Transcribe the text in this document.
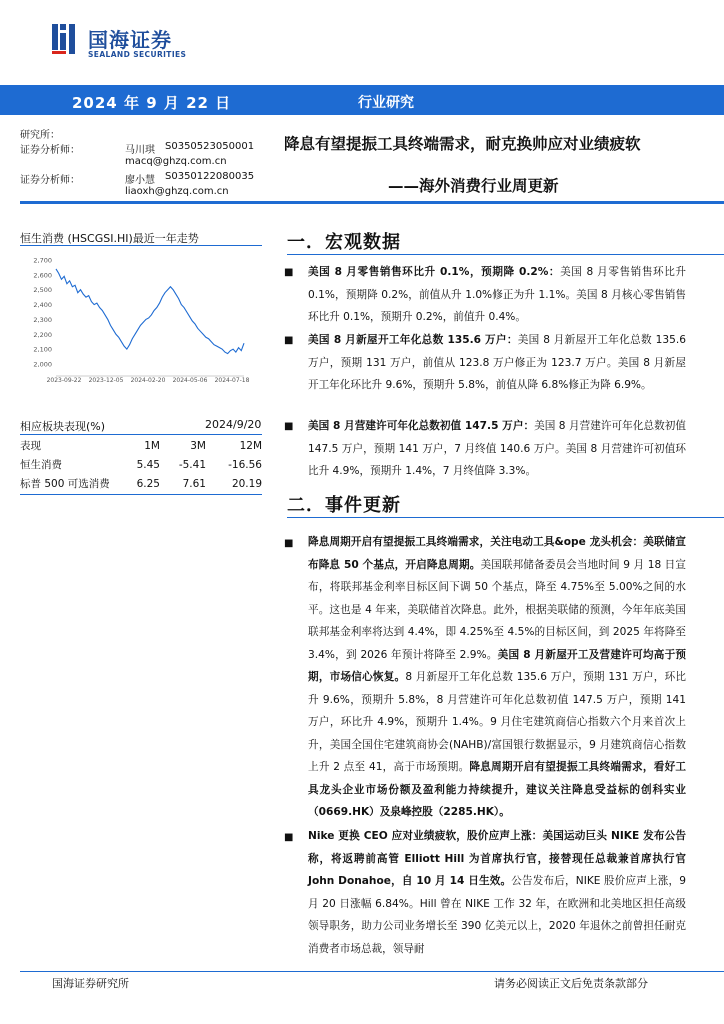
国海证券
SEALAND SECURITIES
2024 年 9 月 22 日	行业研究
研究所：
证券分析师：	马川琪 S0350523050001
macq@ghzq.com.cn
证券分析师：	廖小慧 S0350122080035
liaoxh@ghzq.com.cn
降息有望提振工具终端需求，耐克换帅应对业绩疲软
——海外消费行业周更新
恒生消费 (HSCGSI.HI)最近一年走势
2,700
2,600
2,500
2,400
2,300
2,200
2,100
2,000
2023-09-22 2023-12-05 2024-02-20 2024-05-06 2024-07-18
相应板块表现(%)	2024/9/20
表现	1M	3M	12M
恒生消费	5.45	-5.41	-16.56
标普 500 可选消费	6.25	7.61	20.19
一．宏观数据
■ 美国 8 月零售销售环比升 0.1%，预期降 0.2%：美国 8 月零售销售环比升 0.1%，预期降 0.2%，前值从升 1.0%修正为升 1.1%。美国 8 月核心零售销售环比升 0.1%，预期升 0.2%，前值升 0.4%。
■ 美国 8 月新屋开工年化总数 135.6 万户：美国 8 月新屋开工年化总数 135.6 万户，预期 131 万户，前值从 123.8 万户修正为 123.7 万户。美国 8 月新屋开工年化环比升 9.6%，预期升 5.8%，前值从降 6.8%修正为降 6.9%。
■ 美国 8 月营建许可年化总数初值 147.5 万户：美国 8 月营建许可年化总数初值 147.5 万户，预期 141 万户，7 月终值 140.6 万户。美国 8 月营建许可初值环比升 4.9%，预期升 1.4%，7 月终值降 3.3%。
二．事件更新
■ 降息周期开启有望提振工具终端需求，关注电动工具&ope 龙头机会：美联储宣布降息 50 个基点，开启降息周期。美国联邦储备委员会当地时间 9 月 18 日宣布，将联邦基金利率目标区间下调 50 个基点，降至 4.75%至 5.00%之间的水平。这也是 4 年来，美联储首次降息。此外，根据美联储的预测，今年年底美国联邦基金利率将达到 4.4%，即 4.25%至 4.5%的目标区间，到 2025 年将降至 3.4%，到 2026 年预计将降至 2.9%。美国 8 月新屋开工及营建许可均高于预期，市场信心恢复。8 月新屋开工年化总数 135.6 万户，预期 131 万户，环比升 9.6%，预期升 5.8%，8 月营建许可年化总数初值 147.5 万户，预期 141 万户，环比升 4.9%，预期升 1.4%。9 月住宅建筑商信心指数六个月来首次上升，美国全国住宅建筑商协会(NAHB)/富国银行数据显示，9 月建筑商信心指数上升 2 点至 41，高于市场预期。降息周期开启有望提振工具终端需求，看好工具龙头企业市场份额及盈利能力持续提升，建议关注降息受益标的创科实业（0669.HK）及泉峰控股（2285.HK）。
■ Nike 更换 CEO 应对业绩疲软，股价应声上涨：美国运动巨头 NIKE 发布公告称，将返聘前高管 Elliott Hill 为首席执行官，接替现任总裁兼首席执行官 John Donahoe，自 10 月 14 日生效。公告发布后，NIKE 股价应声上涨，9 月 20 日涨幅 6.84%。Hill 曾在 NIKE 工作 32 年，在欧洲和北美地区担任高级领导职务，助力公司业务增长至 390 亿美元以上，2020 年退休之前曾担任耐克消费者市场总裁，领导耐
国海证券研究所	请务必阅读正文后免责条款部分
